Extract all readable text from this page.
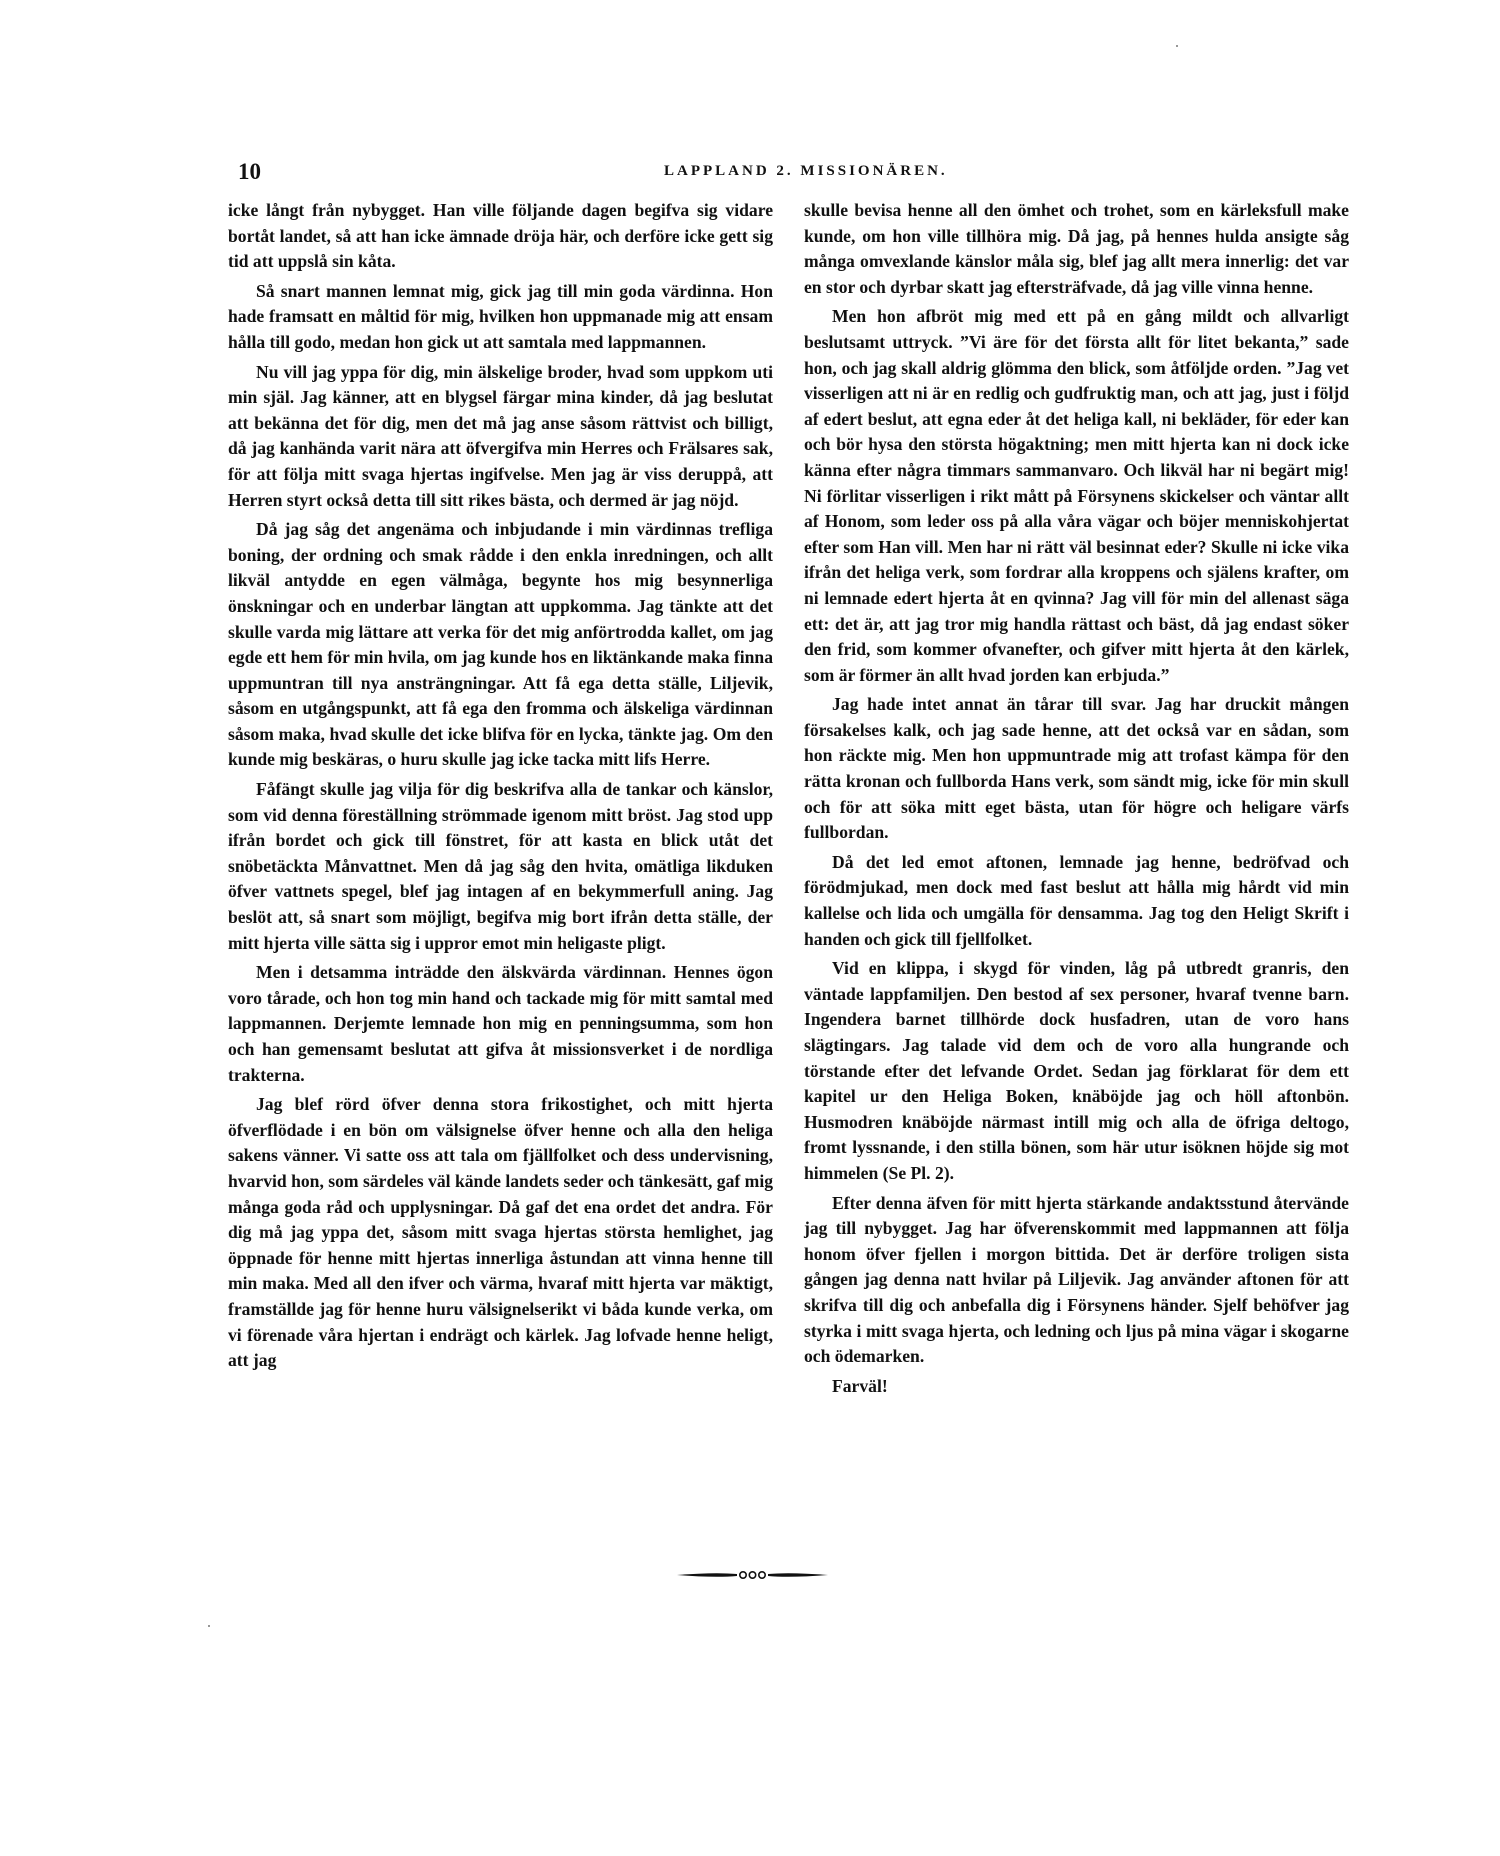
10	LAPPLAND 2. MISSIONÄREN.

icke långt från nybygget. Han ville följande dagen begifva sig vidare bortåt landet, så att han icke ämnade dröja här, och derföre icke gett sig tid att uppslå sin kåta.

Så snart mannen lemnat mig, gick jag till min goda värdinna. Hon hade framsatt en måltid för mig, hvilken hon uppmanade mig att ensam hålla till godo, medan hon gick ut att samtala med lappmannen.

Nu vill jag yppa för dig, min älskelige broder, hvad som uppkom uti min själ. Jag känner, att en blygsel färgar mina kinder, då jag beslutat att bekänna det för dig, men det må jag anse såsom rättvist och billigt, då jag kanhända varit nära att öfvergifva min Herres och Frälsares sak, för att följa mitt svaga hjertas ingifvelse. Men jag är viss deruppå, att Herren styrt också detta till sitt rikes bästa, och dermed är jag nöjd.

Då jag såg det angenäma och inbjudande i min värdinnas trefliga boning, der ordning och smak rådde i den enkla inredningen, och allt likväl antydde en egen välmåga, begynte hos mig besynnerliga önskningar och en underbar längtan att uppkomma. Jag tänkte att det skulle varda mig lättare att verka för det mig anförtrodda kallet, om jag egde ett hem för min hvila, om jag kunde hos en liktänkande maka finna uppmuntran till nya ansträngningar. Att få ega detta ställe, Liljevik, såsom en utgångspunkt, att få ega den fromma och älskeliga värdinnan såsom maka, hvad skulle det icke blifva för en lycka, tänkte jag. Om den kunde mig beskäras, o huru skulle jag icke tacka mitt lifs Herre.

Fåfängt skulle jag vilja för dig beskrifva alla de tankar och känslor, som vid denna föreställning strömmade igenom mitt bröst. Jag stod upp ifrån bordet och gick till fönstret, för att kasta en blick utåt det snöbetäckta Månvattnet. Men då jag såg den hvita, omätliga likduken öfver vattnets spegel, blef jag intagen af en bekymmerfull aning. Jag beslöt att, så snart som möjligt, begifva mig bort ifrån detta ställe, der mitt hjerta ville sätta sig i uppror emot min heligaste pligt.

Men i detsamma inträdde den älskvärda värdinnan. Hennes ögon voro tårade, och hon tog min hand och tackade mig för mitt samtal med lappmannen. Derjemte lemnade hon mig en penningsumma, som hon och han gemensamt beslutat att gifva åt missionsverket i de nordliga trakterna.

Jag blef rörd öfver denna stora frikostighet, och mitt hjerta öfverflödade i en bön om välsignelse öfver henne och alla den heliga sakens vänner. Vi satte oss att tala om fjällfolket och dess undervisning, hvarvid hon, som särdeles väl kände landets seder och tänkesätt, gaf mig många goda råd och upplysningar. Då gaf det ena ordet det andra. För dig må jag yppa det, såsom mitt svaga hjertas största hemlighet, jag öppnade för henne mitt hjertas innerliga åstundan att vinna henne till min maka. Med all den ifver och värma, hvaraf mitt hjerta var mäktigt, framställde jag för henne huru välsignelserikt vi båda kunde verka, om vi förenade våra hjertan i endrägt och kärlek. Jag lofvade henne heligt, att jag

skulle bevisa henne all den ömhet och trohet, som en kärleksfull make kunde, om hon ville tillhöra mig. Då jag, på hennes hulda ansigte såg många omvexlande känslor måla sig, blef jag allt mera innerlig: det var en stor och dyrbar skatt jag eftersträfvade, då jag ville vinna henne.

Men hon afbröt mig med ett på en gång mildt och allvarligt beslutsamt uttryck. ”Vi äre för det första allt för litet bekanta,” sade hon, och jag skall aldrig glömma den blick, som åtföljde orden. ”Jag vet visserligen att ni är en redlig och gudfruktig man, och att jag, just i följd af edert beslut, att egna eder åt det heliga kall, ni bekläder, för eder kan och bör hysa den största högaktning; men mitt hjerta kan ni dock icke känna efter några timmars sammanvaro. Och likväl har ni begärt mig! Ni förlitar visserligen i rikt mått på Försynens skickelser och väntar allt af Honom, som leder oss på alla våra vägar och böjer menniskohjertat efter som Han vill. Men har ni rätt väl besinnat eder? Skulle ni icke vika ifrån det heliga verk, som fordrar alla kroppens och själens krafter, om ni lemnade edert hjerta åt en qvinna? Jag vill för min del allenast säga ett: det är, att jag tror mig handla rättast och bäst, då jag endast söker den frid, som kommer ofvanefter, och gifver mitt hjerta åt den kärlek, som är förmer än allt hvad jorden kan erbjuda.”

Jag hade intet annat än tårar till svar. Jag har druckit mången försakelses kalk, och jag sade henne, att det också var en sådan, som hon räckte mig. Men hon uppmuntrade mig att trofast kämpa för den rätta kronan och fullborda Hans verk, som sändt mig, icke för min skull och för att söka mitt eget bästa, utan för högre och heligare värfs fullbordan.

Då det led emot aftonen, lemnade jag henne, bedröfvad och förödmjukad, men dock med fast beslut att hålla mig hårdt vid min kallelse och lida och umgälla för densamma. Jag tog den Heligt Skrift i handen och gick till fjellfolket.

Vid en klippa, i skygd för vinden, låg på utbredt granris, den väntade lappfamiljen. Den bestod af sex personer, hvaraf tvenne barn. Ingendera barnet tillhörde dock husfadren, utan de voro hans slägtingars. Jag talade vid dem och de voro alla hungrande och törstande efter det lefvande Ordet. Sedan jag förklarat för dem ett kapitel ur den Heliga Boken, knäböjde jag och höll aftonbön. Husmodren knäböjde närmast intill mig och alla de öfriga deltogo, fromt lyssnande, i den stilla bönen, som här utur isöknen höjde sig mot himmelen (Se Pl. 2).

Efter denna äfven för mitt hjerta stärkande andaktsstund återvände jag till nybygget. Jag har öfverenskommit med lappmannen att följa honom öfver fjellen i morgon bittida. Det är derföre troligen sista gången jag denna natt hvilar på Liljevik. Jag använder aftonen för att skrifva till dig och anbefalla dig i Försynens händer. Sjelf behöfver jag styrka i mitt svaga hjerta, och ledning och ljus på mina vägar i skogarne och ödemarken.

Farväl!
